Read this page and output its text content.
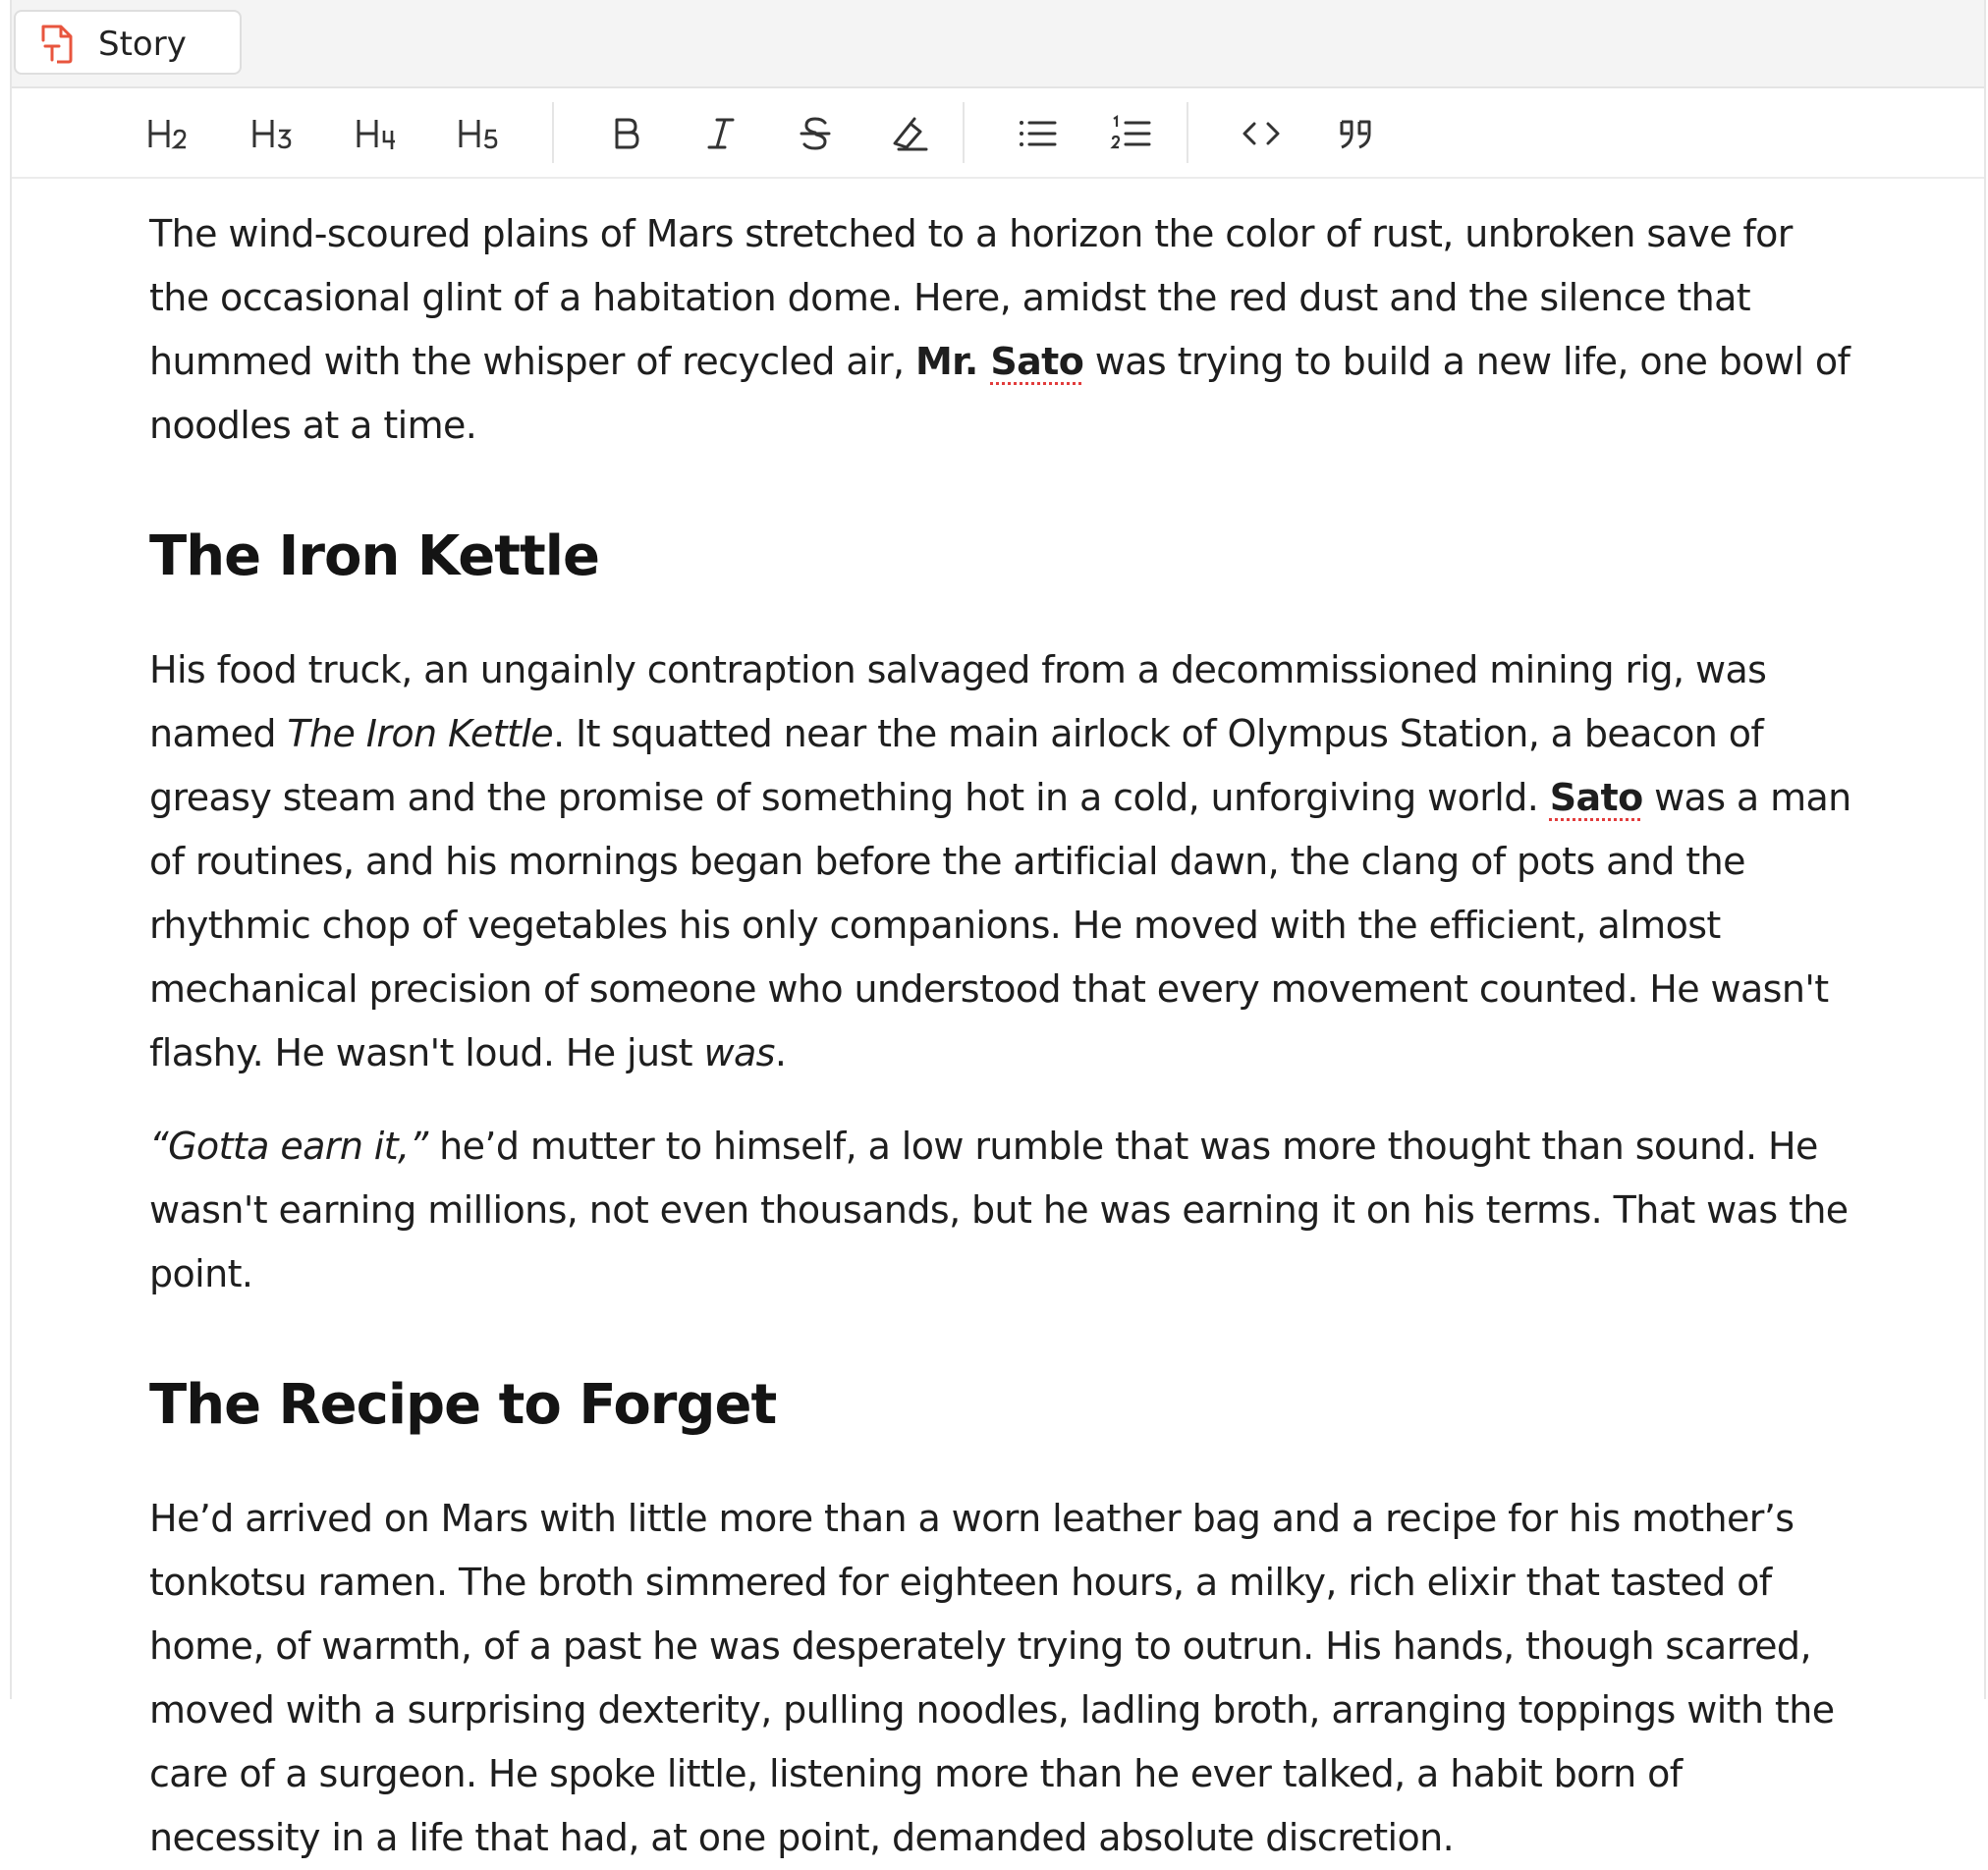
Story

The wind-scoured plains of Mars stretched to a horizon the color of rust, unbroken save for the occasional glint of a habitation dome. Here, amidst the red dust and the silence that hummed with the whisper of recycled air, Mr. Sato was trying to build a new life, one bowl of noodles at a time.

The Iron Kettle

His food truck, an ungainly contraption salvaged from a decommissioned mining rig, was named The Iron Kettle. It squatted near the main airlock of Olympus Station, a beacon of greasy steam and the promise of something hot in a cold, unforgiving world. Sato was a man of routines, and his mornings began before the artificial dawn, the clang of pots and the rhythmic chop of vegetables his only companions. He moved with the efficient, almost mechanical precision of someone who understood that every movement counted. He wasn't flashy. He wasn't loud. He just was.

“Gotta earn it,” he’d mutter to himself, a low rumble that was more thought than sound. He wasn't earning millions, not even thousands, but he was earning it on his terms. That was the point.

The Recipe to Forget

He’d arrived on Mars with little more than a worn leather bag and a recipe for his mother’s tonkotsu ramen. The broth simmered for eighteen hours, a milky, rich elixir that tasted of home, of warmth, of a past he was desperately trying to outrun. His hands, though scarred, moved with a surprising dexterity, pulling noodles, ladling broth, arranging toppings with the care of a surgeon. He spoke little, listening more than he ever talked, a habit born of necessity in a life that had, at one point, demanded absolute discretion.
